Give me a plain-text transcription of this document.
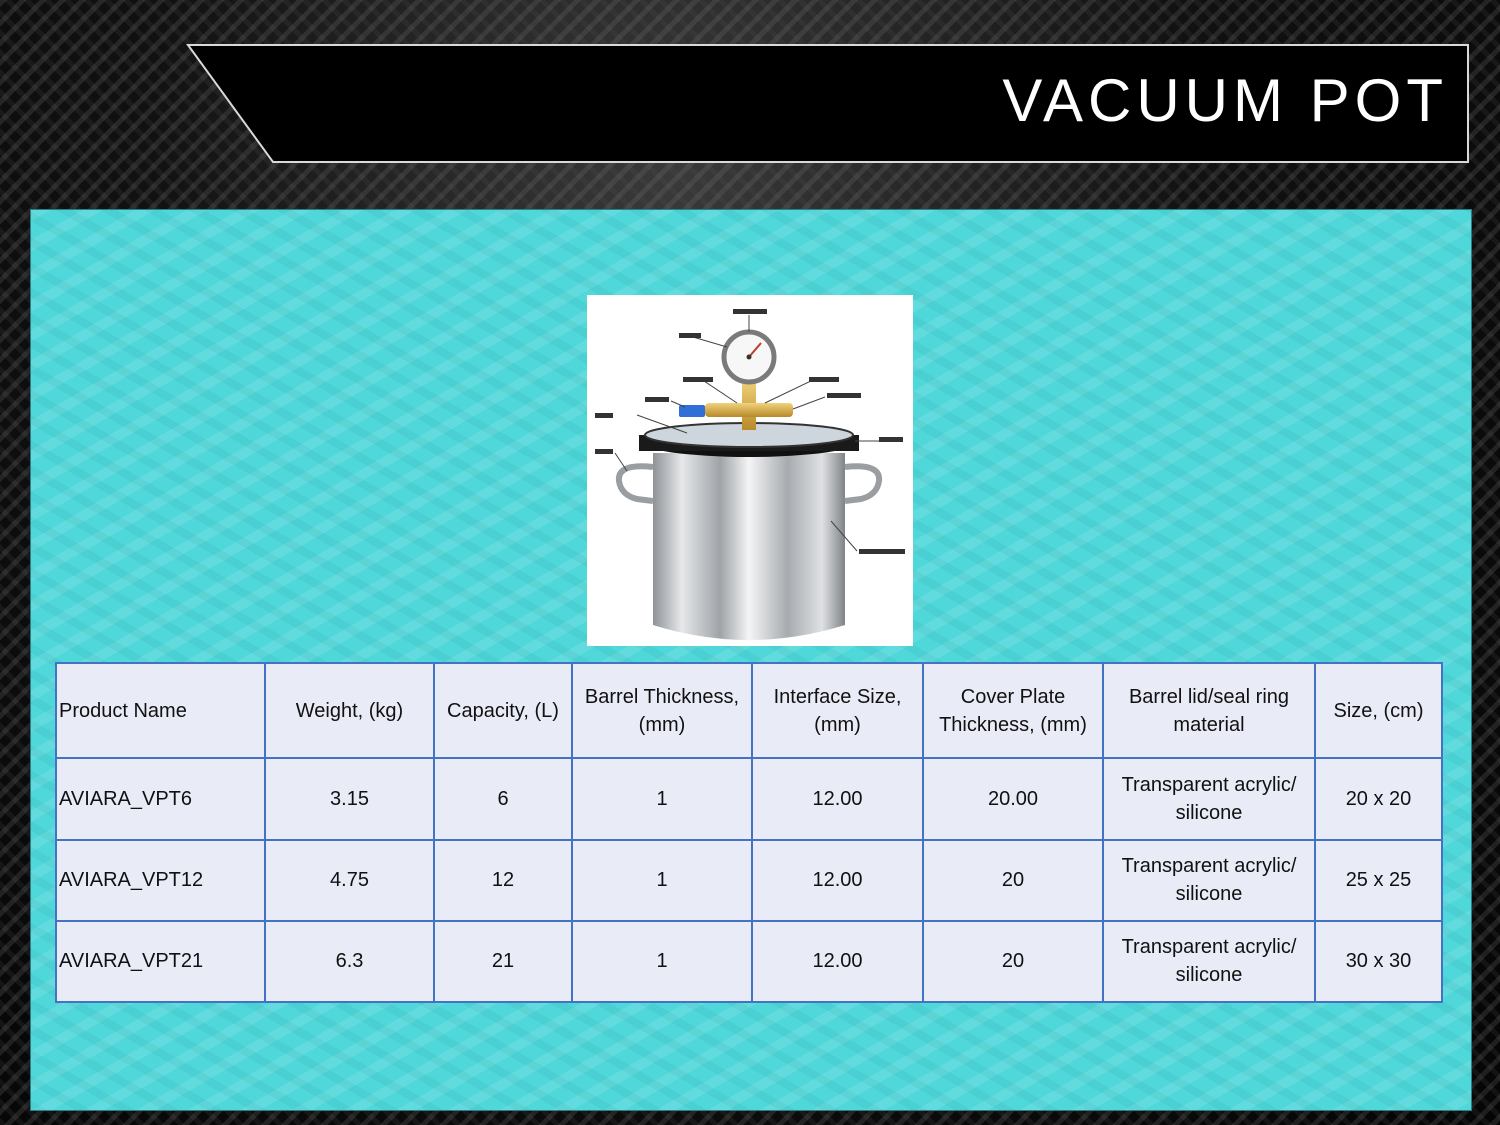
VACUUM POT
Product Name	Weight, (kg)	Capacity, (L)	Barrel Thickness, (mm)	Interface Size, (mm)	Cover Plate Thickness, (mm)	Barrel lid/seal ring material	Size, (cm)
AVIARA_VPT6	3.15	6	1	12.00	20.00	Transparent acrylic/ silicone	20 x 20
AVIARA_VPT12	4.75	12	1	12.00	20	Transparent acrylic/ silicone	25 x 25
AVIARA_VPT21	6.3	21	1	12.00	20	Transparent acrylic/ silicone	30 x 30
